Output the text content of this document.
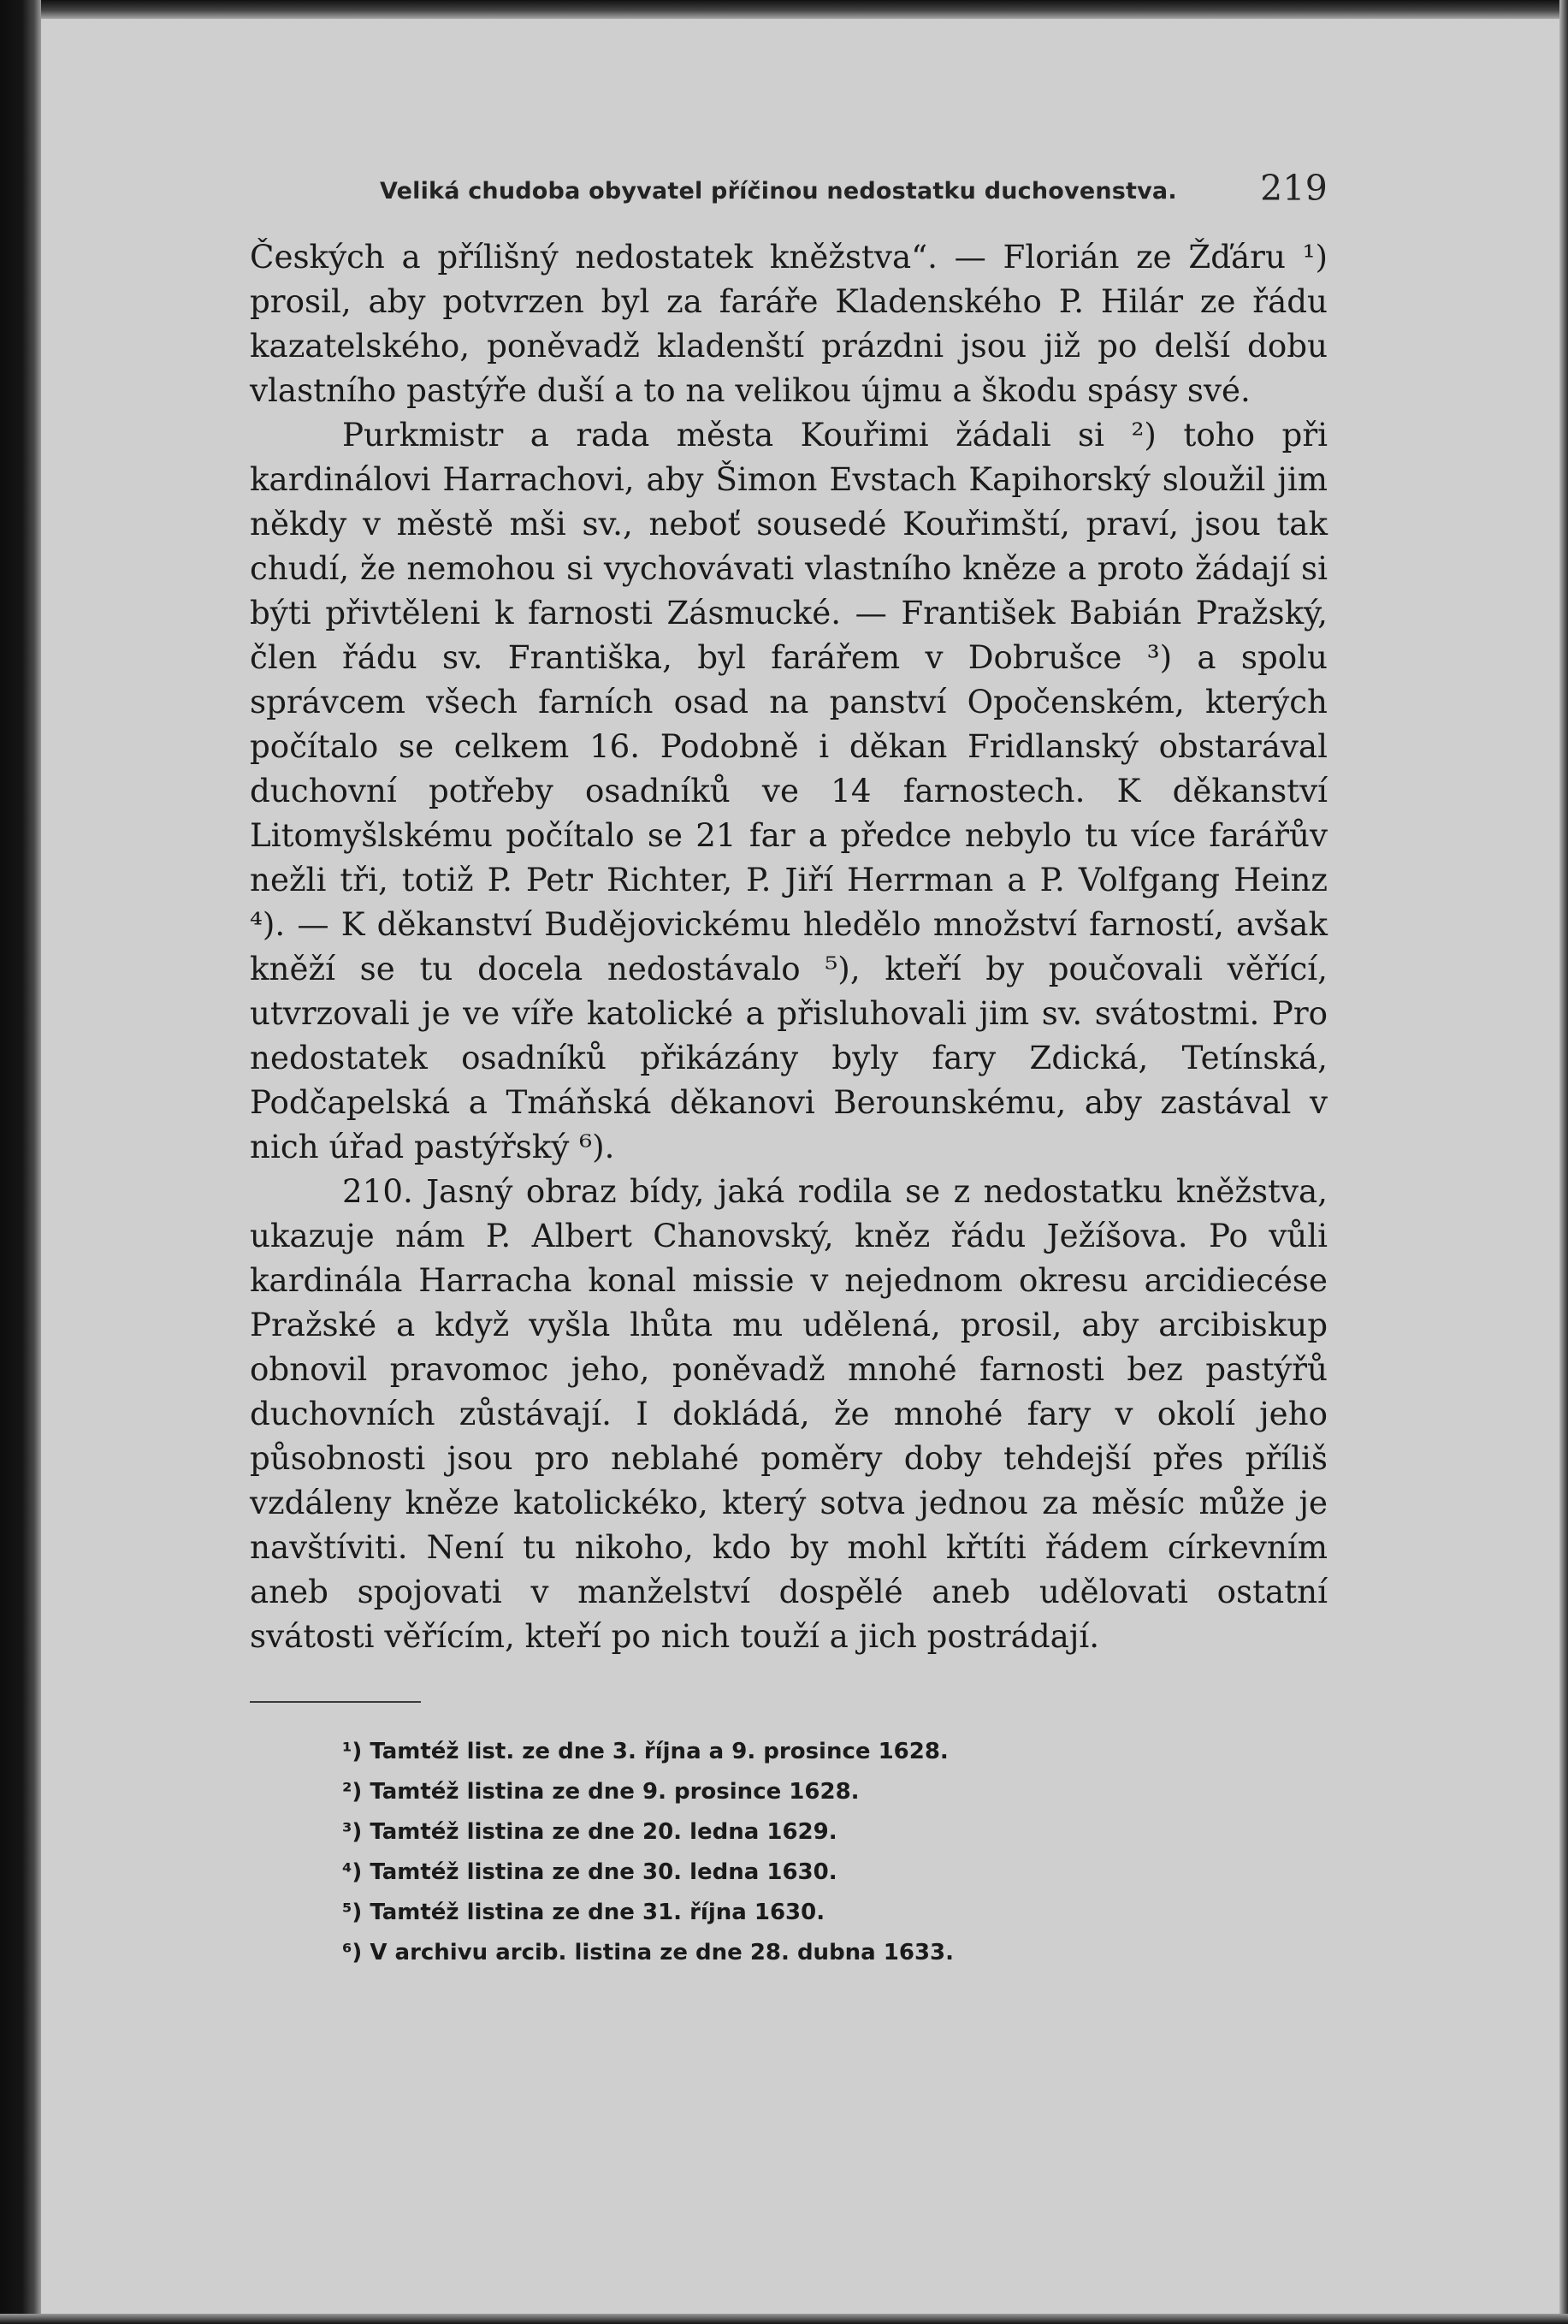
Veliká chudoba obyvatel příčinou nedostatku duchovenstva. 219

Českých a přílišný nedostatek kněžstva“. — Florián ze Žďáru ¹) prosil, aby potvrzen byl za faráře Kladenského P. Hilár ze řádu kazatelského, poněvadž kladenští prázdni jsou již po delší dobu vlastního pastýře duší a to na velikou újmu a škodu spásy své.

Purkmistr a rada města Kouřimi žádali si ²) toho při kardinálovi Harrachovi, aby Šimon Evstach Kapihorský sloužil jim někdy v městě mši sv., neboť sousedé Kouřimští, praví, jsou tak chudí, že nemohou si vychovávati vlastního kněze a proto žádají si býti přivtěleni k farnosti Zásmucké. — František Babián Pražský, člen řádu sv. Františka, byl farářem v Dobrušce ³) a spolu správcem všech farních osad na panství Opočenském, kterých počítalo se celkem 16. Podobně i děkan Fridlanský obstarával duchovní potřeby osadníků ve 14 farnostech. K děkanství Litomyšlskému počítalo se 21 far a předce nebylo tu více farářův nežli tři, totiž P. Petr Richter, P. Jiří Herrman a P. Volfgang Heinz ⁴). — K děkanství Budějovickému hledělo množství farností, avšak kněží se tu docela nedostávalo ⁵), kteří by poučovali věřící, utvrzovali je ve víře katolické a přisluhovali jim sv. svátostmi. Pro nedostatek osadníků přikázány byly fary Zdická, Tetínská, Podčapelská a Tmáňská děkanovi Berounskému, aby zastával v nich úřad pastýřský ⁶).

210. Jasný obraz bídy, jaká rodila se z nedostatku kněžstva, ukazuje nám P. Albert Chanovský, kněz řádu Ježíšova. Po vůli kardinála Harracha konal missie v nejednom okresu arcidiecése Pražské a když vyšla lhůta mu udělená, prosil, aby arcibiskup obnovil pravomoc jeho, poněvadž mnohé farnosti bez pastýřů duchovních zůstávají. I dokládá, že mnohé fary v okolí jeho působnosti jsou pro neblahé poměry doby tehdejší přes příliš vzdáleny kněze katolickéko, který sotva jednou za měsíc může je navštíviti. Není tu nikoho, kdo by mohl křtíti řádem církevním aneb spojovati v manželství dospělé aneb udělovati ostatní svátosti věřícím, kteří po nich touží a jich postrádají.

¹) Tamtéž list. ze dne 3. října a 9. prosince 1628.
²) Tamtéž listina ze dne 9. prosince 1628.
³) Tamtéž listina ze dne 20. ledna 1629.
⁴) Tamtéž listina ze dne 30. ledna 1630.
⁵) Tamtéž listina ze dne 31. října 1630.
⁶) V archivu arcib. listina ze dne 28. dubna 1633.
